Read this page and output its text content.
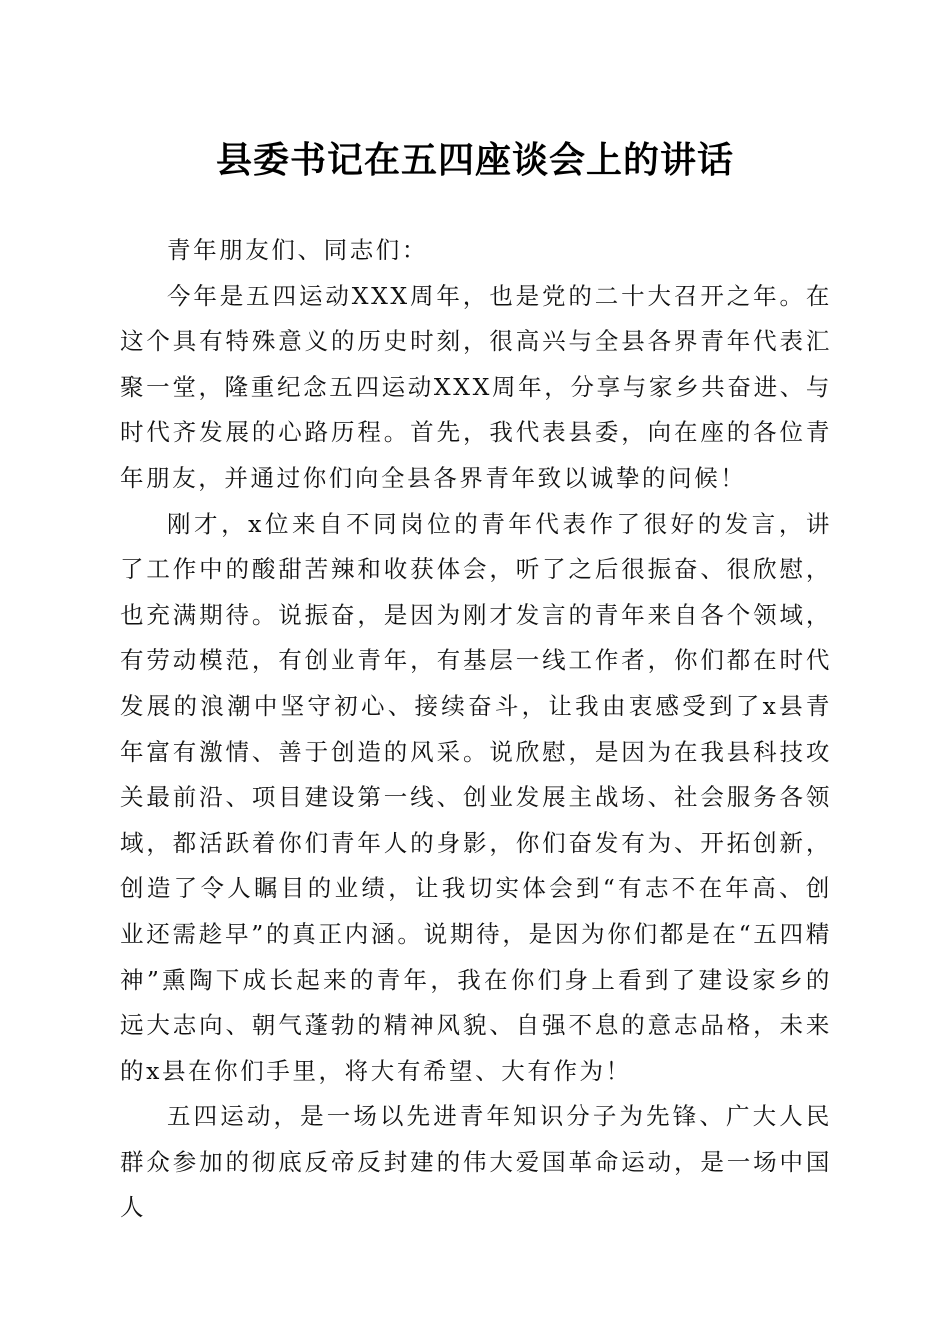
县委书记在五四座谈会上的讲话

青年朋友们、同志们：

今年是五四运动XXX周年，也是党的二十大召开之年。在这个具有特殊意义的历史时刻，很高兴与全县各界青年代表汇聚一堂，隆重纪念五四运动XXX周年，分享与家乡共奋进、与时代齐发展的心路历程。首先，我代表县委，向在座的各位青年朋友，并通过你们向全县各界青年致以诚挚的问候！

刚才，x位来自不同岗位的青年代表作了很好的发言，讲了工作中的酸甜苦辣和收获体会，听了之后很振奋、很欣慰，也充满期待。说振奋，是因为刚才发言的青年来自各个领域，有劳动模范，有创业青年，有基层一线工作者，你们都在时代发展的浪潮中坚守初心、接续奋斗，让我由衷感受到了x县青年富有激情、善于创造的风采。说欣慰，是因为在我县科技攻关最前沿、项目建设第一线、创业发展主战场、社会服务各领域，都活跃着你们青年人的身影，你们奋发有为、开拓创新，创造了令人瞩目的业绩，让我切实体会到“有志不在年高、创业还需趁早”的真正内涵。说期待，是因为你们都是在“五四精神”熏陶下成长起来的青年，我在你们身上看到了建设家乡的远大志向、朝气蓬勃的精神风貌、自强不息的意志品格，未来的x县在你们手里，将大有希望、大有作为！

五四运动，是一场以先进青年知识分子为先锋、广大人民群众参加的彻底反帝反封建的伟大爱国革命运动，是一场中国人
